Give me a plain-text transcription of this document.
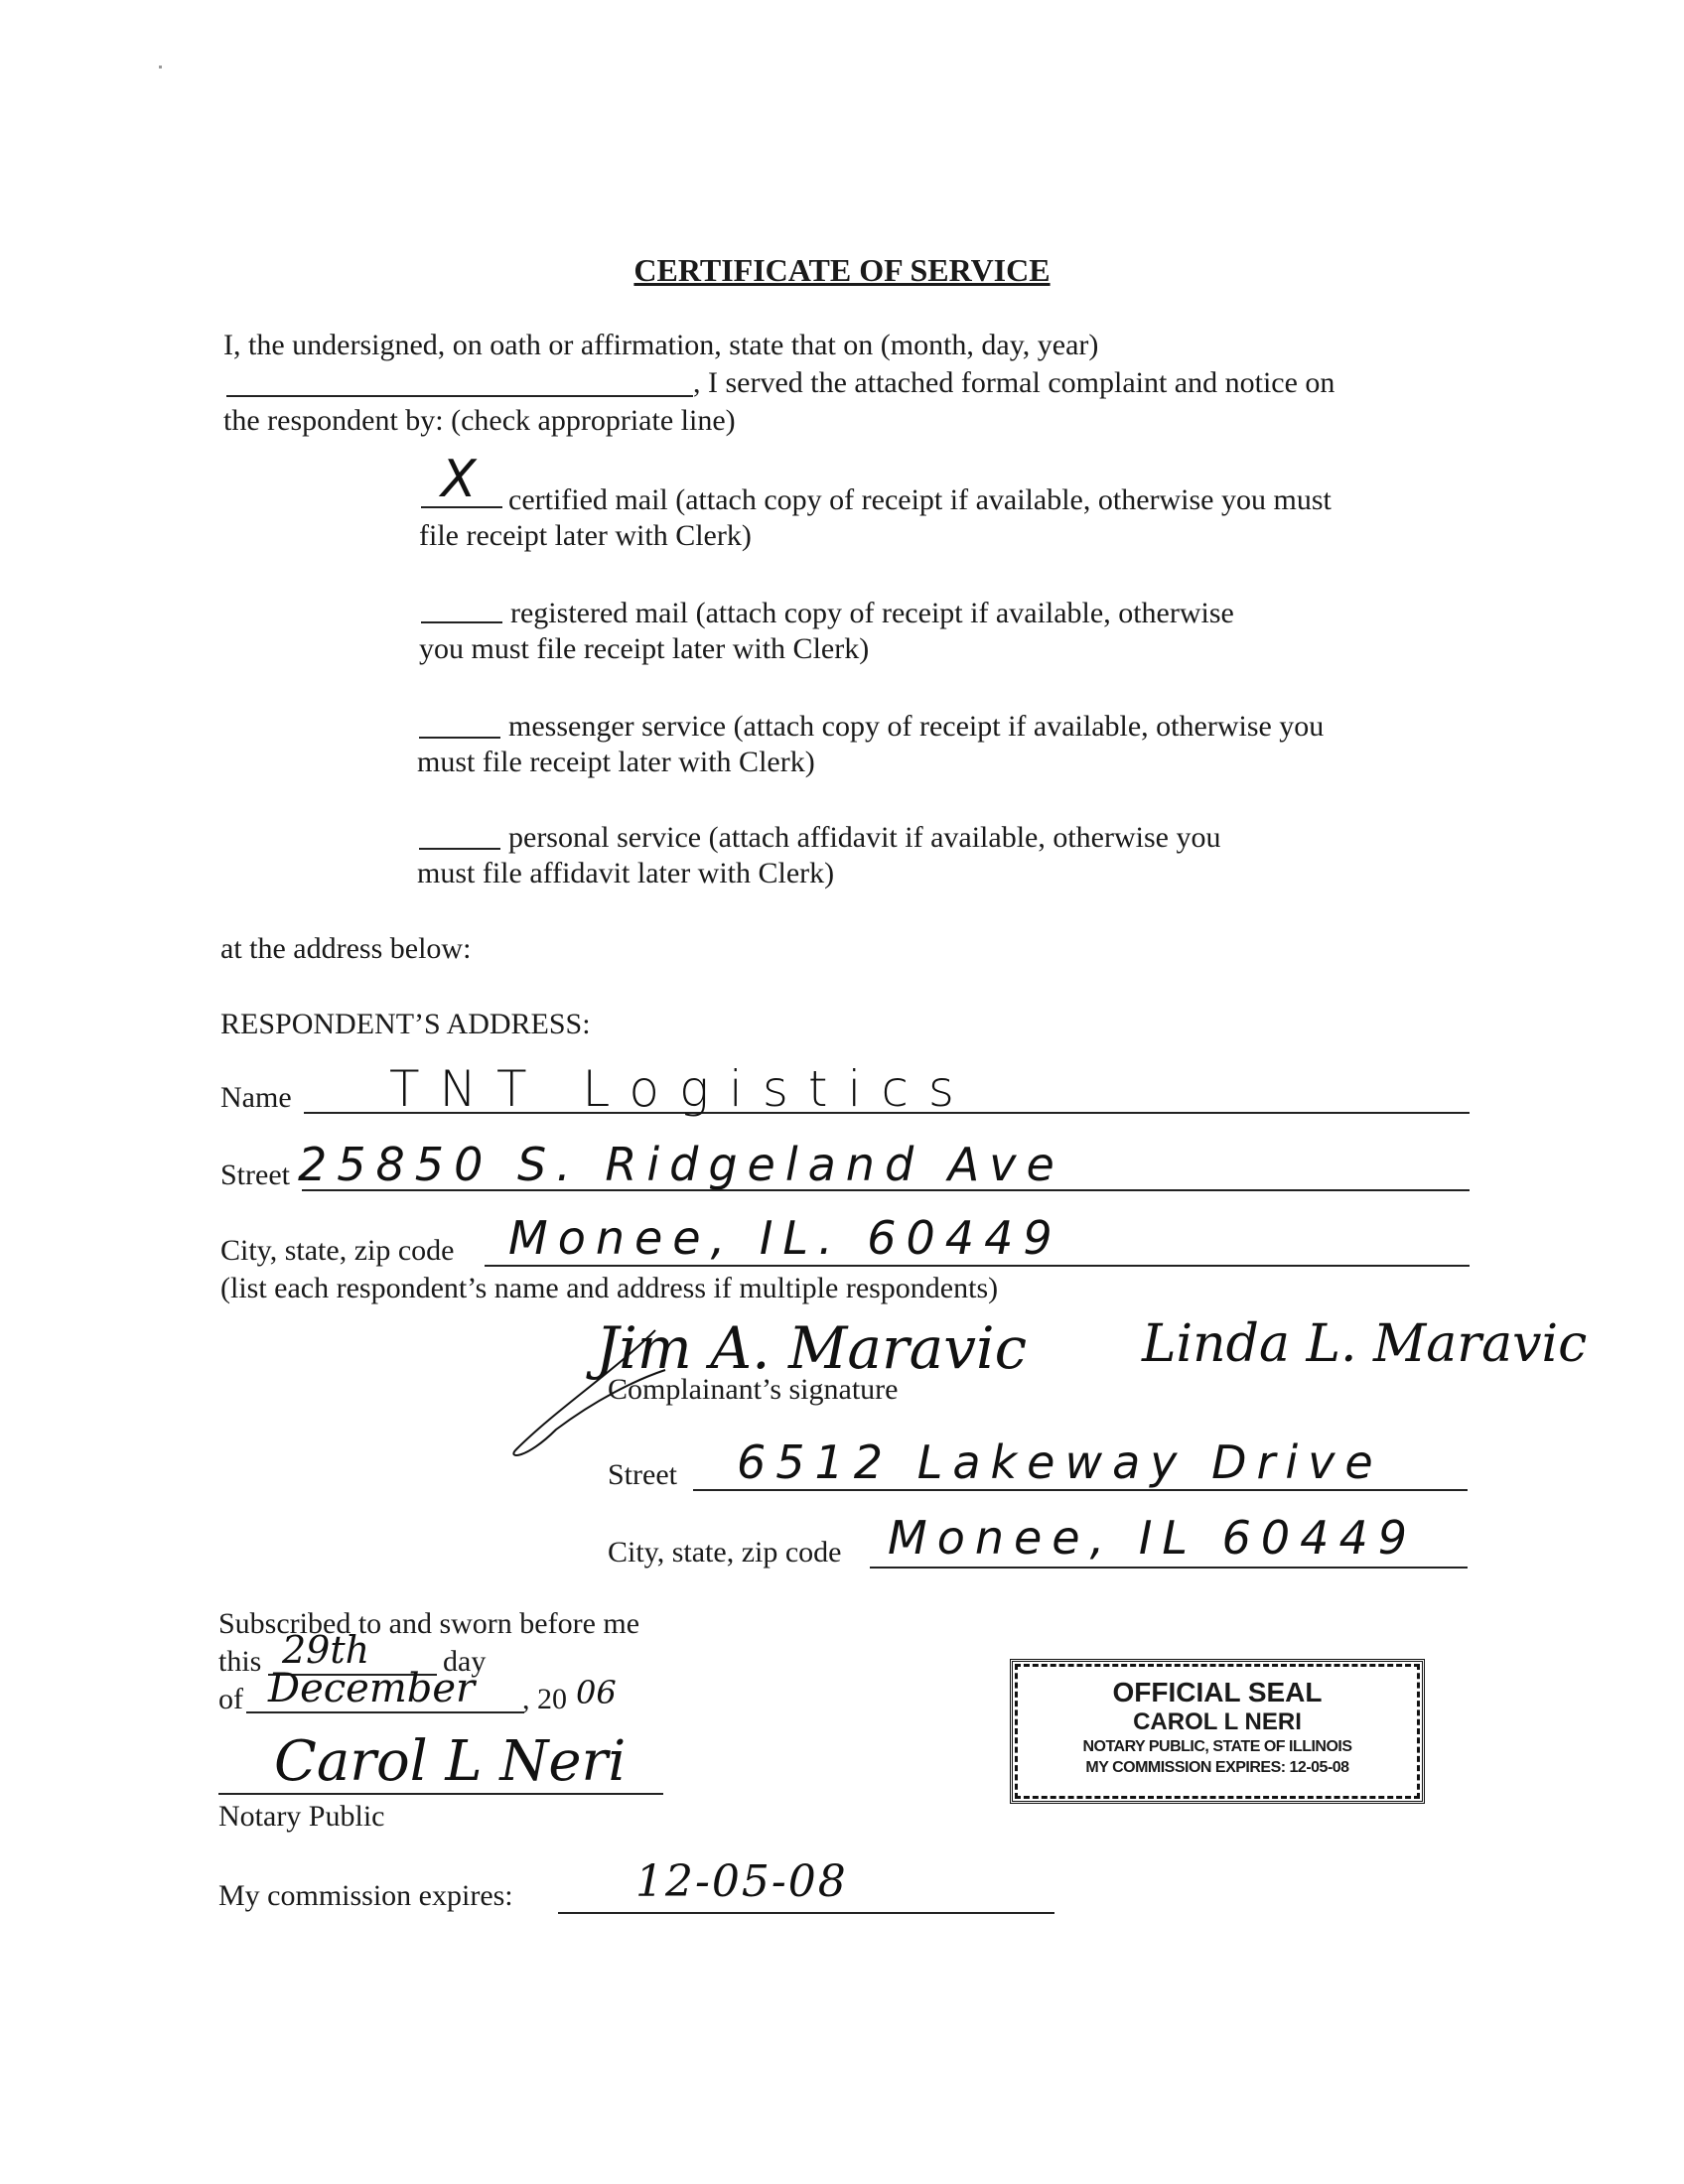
CERTIFICATE OF SERVICE
I, the undersigned, on oath or affirmation, state that on (month, day, year)
, I served the attached formal complaint and notice on
the respondent by: (check appropriate line)
X certified mail (attach copy of receipt if available, otherwise you must
file receipt later with Clerk)
registered mail (attach copy of receipt if available, otherwise
you must file receipt later with Clerk)
messenger service (attach copy of receipt if available, otherwise you
must file receipt later with Clerk)
personal service (attach affidavit if available, otherwise you
must file affidavit later with Clerk)
at the address below:
RESPONDENT’S ADDRESS:
Name TNT Logistics
Street 25850 S. Ridgeland Ave
City, state, zip code Monee, IL. 60449
(list each respondent’s name and address if multiple respondents)
Jim A. Maravic Linda L. Maravic
Complainant’s signature
Street 6512 Lakeway Drive
City, state, zip code Monee, IL 60449
Subscribed to and sworn before me
this 29th day
of December , 20 06
Carol L Neri
Notary Public
My commission expires:	12-05-08
OFFICIAL SEAL
CAROL L NERI
NOTARY PUBLIC, STATE OF ILLINOIS
MY COMMISSION EXPIRES: 12-05-08
